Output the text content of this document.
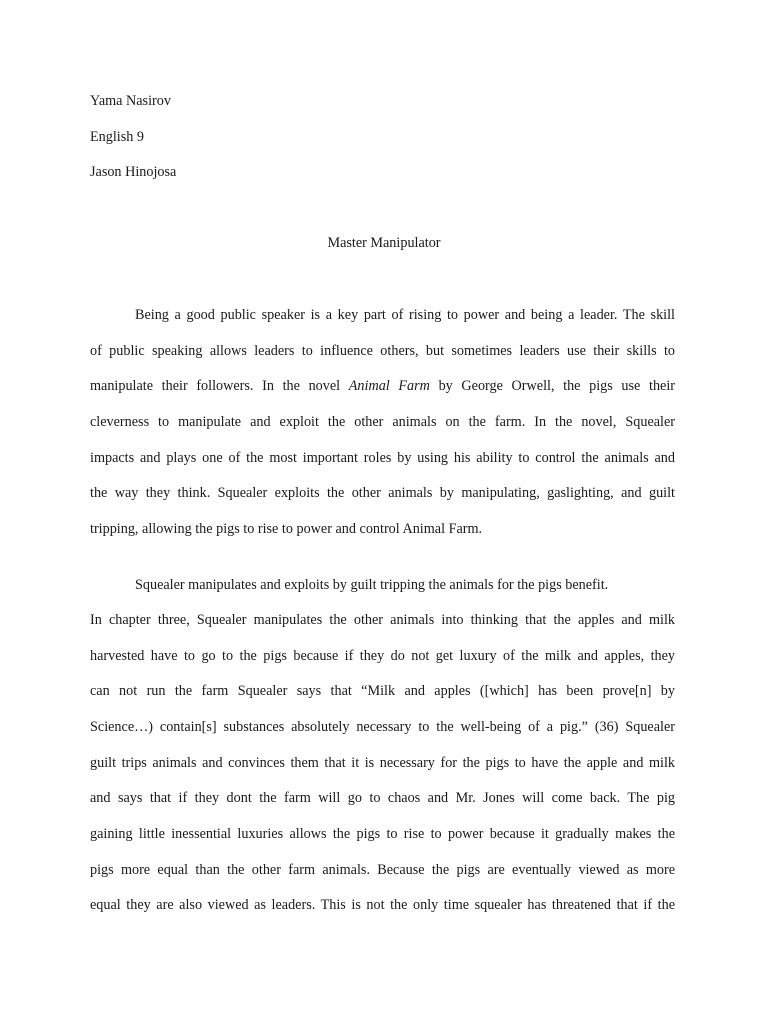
Yama Nasirov
English 9
Jason Hinojosa
Master Manipulator
Being a good public speaker is a key part of rising to power and being a leader. The skill
of public speaking allows leaders to influence others, but sometimes leaders use their skills to
manipulate their followers. In the novel Animal Farm by George Orwell, the pigs use their
cleverness to manipulate and exploit the other animals on the farm. In the novel, Squealer
impacts and plays one of the most important roles by using his ability to control the animals and
the way they think. Squealer exploits the other animals by manipulating, gaslighting, and guilt
tripping, allowing the pigs to rise to power and control Animal Farm.
Squealer manipulates and exploits by guilt tripping the animals for the pigs benefit.
In chapter three, Squealer manipulates the other animals into thinking that the apples and milk
harvested have to go to the pigs because if they do not get luxury of the milk and apples, they
can not run the farm Squealer says that “Milk and apples ([which] has been prove[n] by
Science…) contain[s] substances absolutely necessary to the well-being of a pig.” (36) Squealer
guilt trips animals and convinces them that it is necessary for the pigs to have the apple and milk
and says that if they dont the farm will go to chaos and Mr. Jones will come back. The pig
gaining little inessential luxuries allows the pigs to rise to power because it gradually makes the
pigs more equal than the other farm animals. Because the pigs are eventually viewed as more
equal they are also viewed as leaders. This is not the only time squealer has threatened that if the
